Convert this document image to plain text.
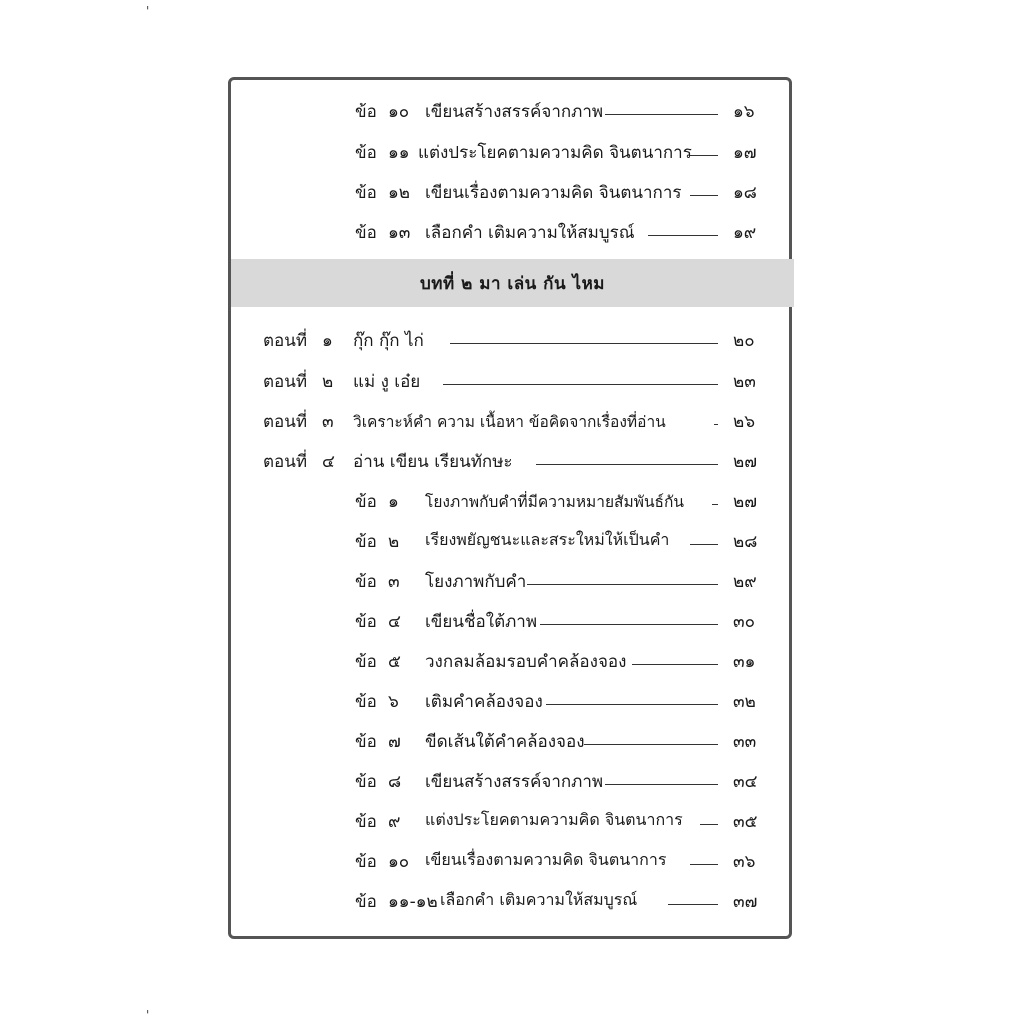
'
'
ข้อ ๑๐ เขียนสร้างสรรค์จากภาพ	๑๖
ข้อ ๑๑ แต่งประโยคตามความคิด จินตนาการ ๑๗
ข้อ ๑๒ เขียนเรื่องตามความคิด จินตนาการ	๑๘
ข้อ ๑๓ เลือกคำ เติมความให้สมบูรณ์	๑๙
บทที่ ๒ มา เล่น กัน ไหม
ตอนที่ ๑ กุ๊ก กุ๊ก ไก่	๒๐
ตอนที่ ๒ แม่ งู เอ๋ย	๒๓
ตอนที่ ๓ วิเคราะห์คำ ความ เนื้อหา ข้อคิดจากเรื่องที่อ่าน	๒๖
ตอนที่ ๔ อ่าน เขียน เรียนทักษะ	๒๗
ข้อ ๑ โยงภาพกับคำที่มีความหมายสัมพันธ์กัน	๒๗
ข้อ ๒ เรียงพยัญชนะและสระใหม่ให้เป็นคำ	๒๘
ข้อ ๓ โยงภาพกับคำ	๒๙
ข้อ ๔ เขียนชื่อใต้ภาพ	๓๐
ข้อ ๕ วงกลมล้อมรอบคำคล้องจอง	๓๑
ข้อ ๖ เติมคำคล้องจอง	๓๒
ข้อ ๗ ขีดเส้นใต้คำคล้องจอง	๓๓
ข้อ ๘ เขียนสร้างสรรค์จากภาพ	๓๔
ข้อ ๙ แต่งประโยคตามความคิด จินตนาการ	๓๕
ข้อ ๑๐ เขียนเรื่องตามความคิด จินตนาการ	๓๖
ข้อ ๑๑-๑๒ เลือกคำ เติมความให้สมบูรณ์	๓๗
